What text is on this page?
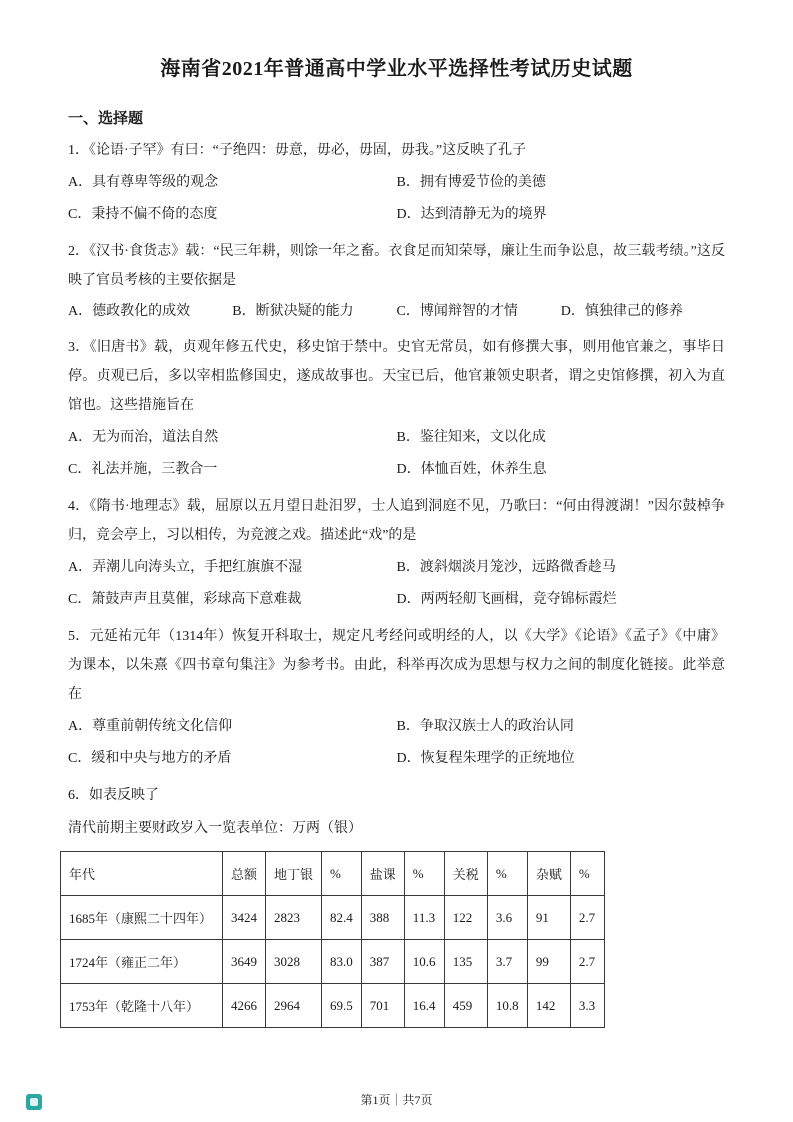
海南省2021年普通高中学业水平选择性考试历史试题
一、选择题

1．《论语·子罕》有曰：“子绝四：毋意，毋必，毋固，毋我。”这反映了孔子

A．具有尊卑等级的观念	B．拥有博爱节俭的美德
C．秉持不偏不倚的态度	D．达到清静无为的境界

2．《汉书·食货志》载：“民三年耕，则馀一年之畜。衣食足而知荣辱，廉让生而争讼息，故三载考绩。”这反映了官员考核的主要依据是

A．德政教化的成效	B．断狱决疑的能力	C．博闻辩智的才情	D．慎独律己的修养

3．《旧唐书》载，贞观年修五代史，移史馆于禁中。史官无常员，如有修撰大事，则用他官兼之，事毕日停。贞观已后，多以宰相监修国史，遂成故事也。天宝已后，他官兼领史职者，谓之史馆修撰，初入为直馆也。这些措施旨在

A．无为而治，道法自然	B．鉴往知来，文以化成
C．礼法并施，三教合一	D．体恤百姓，休养生息

4．《隋书·地理志》载，屈原以五月望日赴汨罗，士人追到洞庭不见，乃歌曰：“何由得渡湖！”因尔鼓棹争归，竞会亭上，习以相传，为竞渡之戏。描述此“戏”的是

A．弄潮儿向涛头立，手把红旗旗不湿	B．渡斜烟淡月笼沙，远路微香趁马
C．箫鼓声声且莫催，彩球高下意难裁	D．两两轻舠飞画楫，竞夺锦标霞烂

5．元延祐元年（1314年）恢复开科取士，规定凡考经问或明经的人，以《大学》《论语》《孟子》《中庸》为课本，以朱熹《四书章句集注》为参考书。由此，科举再次成为思想与权力之间的制度化链接。此举意在

A．尊重前朝传统文化信仰	B．争取汉族士人的政治认同
C．缓和中央与地方的矛盾	D．恢复程朱理学的正统地位

6．如表反映了

清代前期主要财政岁入一览表单位：万两（银）

年代	总额	地丁银	%	盐课	%	关税	%	杂赋	%
1685年（康熙二十四年）	3424	2823	82.4	388	11.3	122	3.6	91	2.7
1724年（雍正二年）	3649	3028	83.0	387	10.6	135	3.7	99	2.7
1753年（乾隆十八年）	4266	2964	69.5	701	16.4	459	10.8	142	3.3
第1页｜共7页
